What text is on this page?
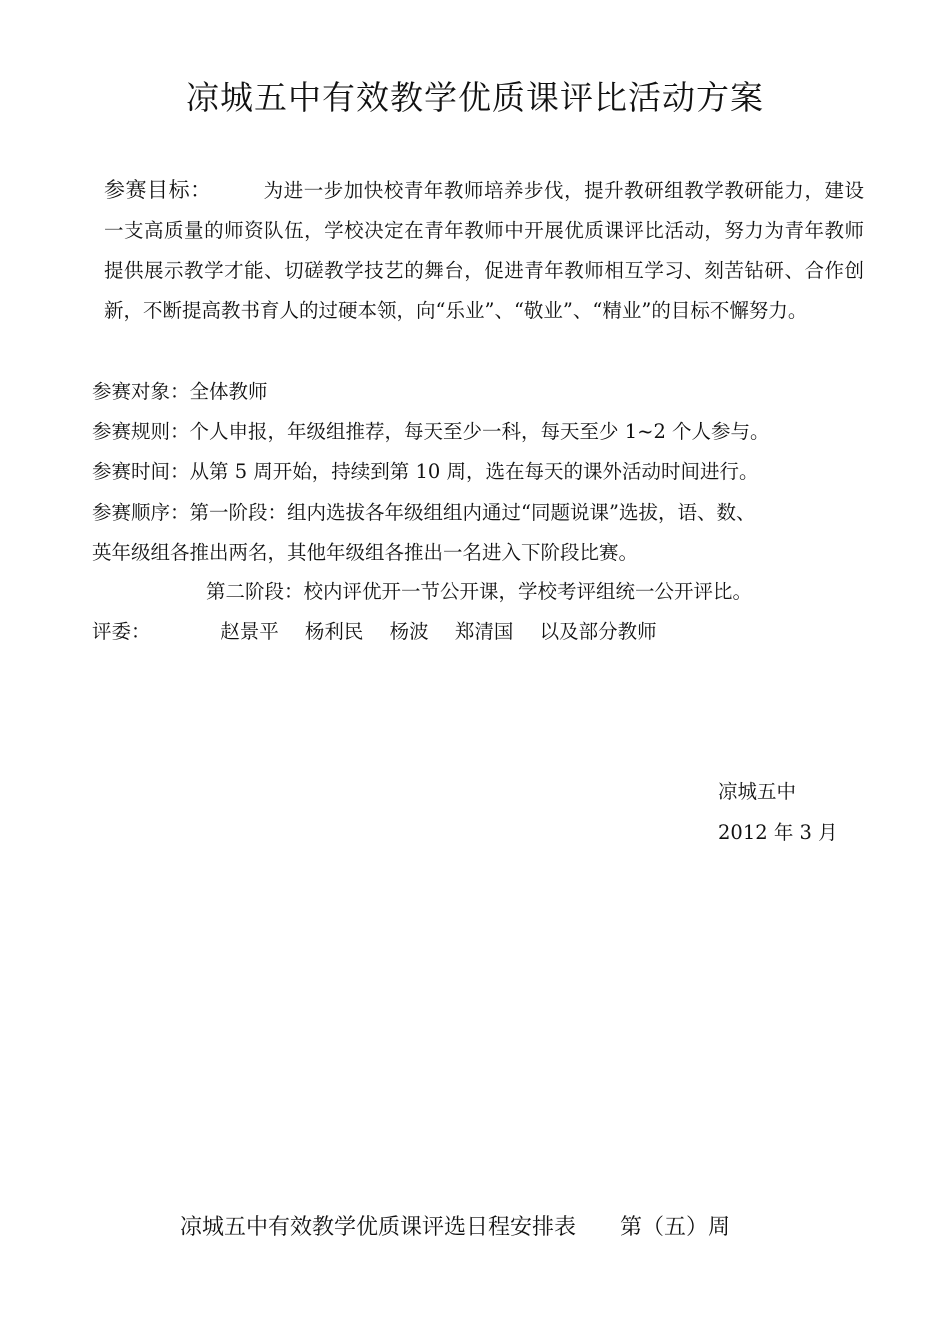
凉城五中有效教学优质课评比活动方案
参赛目标：	为进一步加快校青年教师培养步伐，提升教研组教学教研能力，建设一支高质量的师资队伍，学校决定在青年教师中开展优质课评比活动，努力为青年教师提供展示教学才能、切磋教学技艺的舞台，促进青年教师相互学习、刻苦钻研、合作创新，不断提高教书育人的过硬本领，向“乐业”、“敬业”、“精业”的目标不懈努力。
参赛对象：全体教师
参赛规则：个人申报，年级组推荐，每天至少一科，每天至少 1~2 个人参与。
参赛时间：从第 5 周开始，持续到第 10 周，选在每天的课外活动时间进行。
参赛顺序：第一阶段：组内选拔各年级组组内通过“同题说课”选拔，语、数、
英年级组各推出两名，其他年级组各推出一名进入下阶段比赛。
第二阶段：校内评优开一节公开课，学校考评组统一公开评比。
评委：	赵景平 杨利民 杨波 郑清国 以及部分教师
凉城五中
2012 年 3 月
凉城五中有效教学优质课评选日程安排表 第（五）周
